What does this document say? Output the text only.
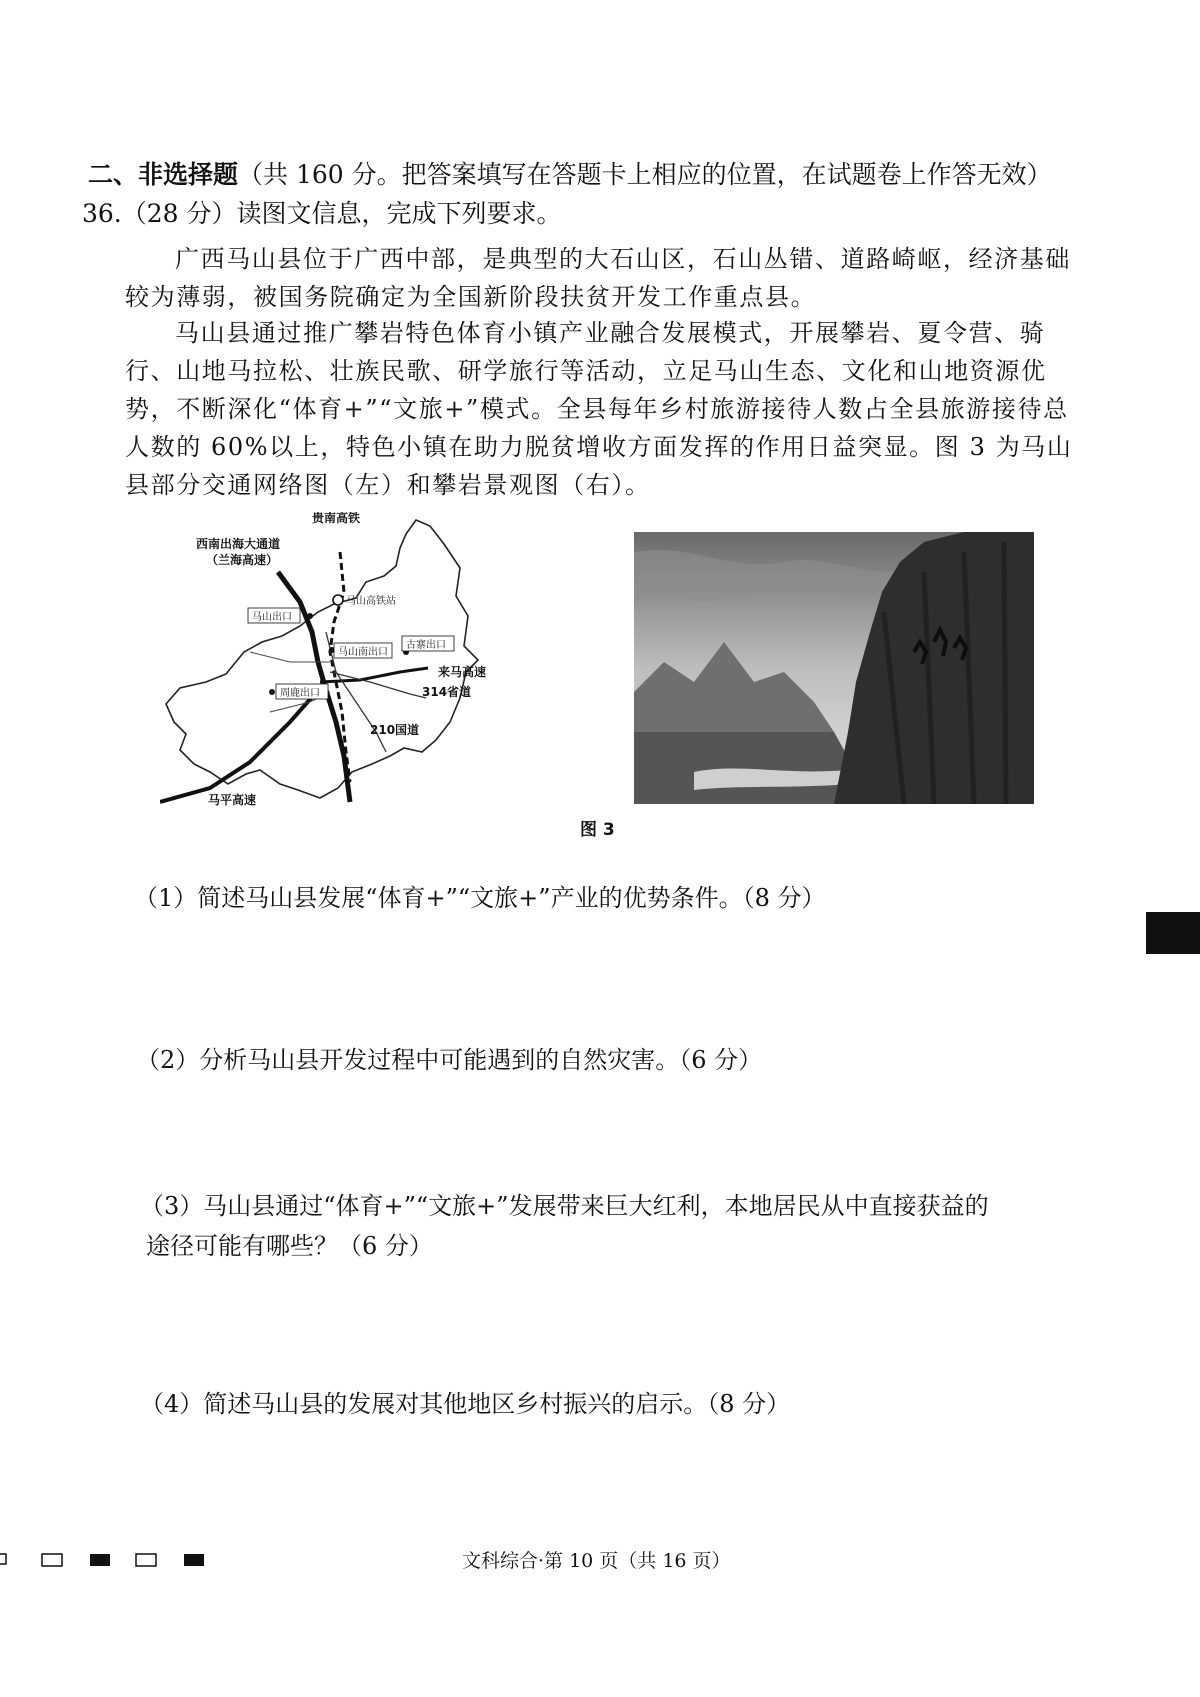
二、非选择题（共 160 分。把答案填写在答题卡上相应的位置，在试题卷上作答无效）
36.（28 分）读图文信息，完成下列要求。
广西马山县位于广西中部，是典型的大石山区，石山丛错、道路崎岖，经济基础较为薄弱，被国务院确定为全国新阶段扶贫开发工作重点县。
马山县通过推广攀岩特色体育小镇产业融合发展模式，开展攀岩、夏令营、骑行、山地马拉松、壮族民歌、研学旅行等活动，立足马山生态、文化和山地资源优势，不断深化“体育+”“文旅+”模式。全县每年乡村旅游接待人数占全县旅游接待总人数的 60%以上，特色小镇在助力脱贫增收方面发挥的作用日益突显。图 3 为马山县部分交通网络图（左）和攀岩景观图（右）。
贵南高铁
西南出海大通道
（兰海高速）
马山高铁站
马山出口
马山南出口
古寨出口
周鹿出口
来马高速
314省道
210国道
马平高速
图 3
（1）简述马山县发展“体育+”“文旅+”产业的优势条件。（8 分）
（2）分析马山县开发过程中可能遇到的自然灾害。（6 分）
（3）马山县通过“体育+”“文旅+”发展带来巨大红利，本地居民从中直接获益的
途径可能有哪些？（6 分）
（4）简述马山县的发展对其他地区乡村振兴的启示。（8 分）
文科综合·第 10 页（共 16 页）
